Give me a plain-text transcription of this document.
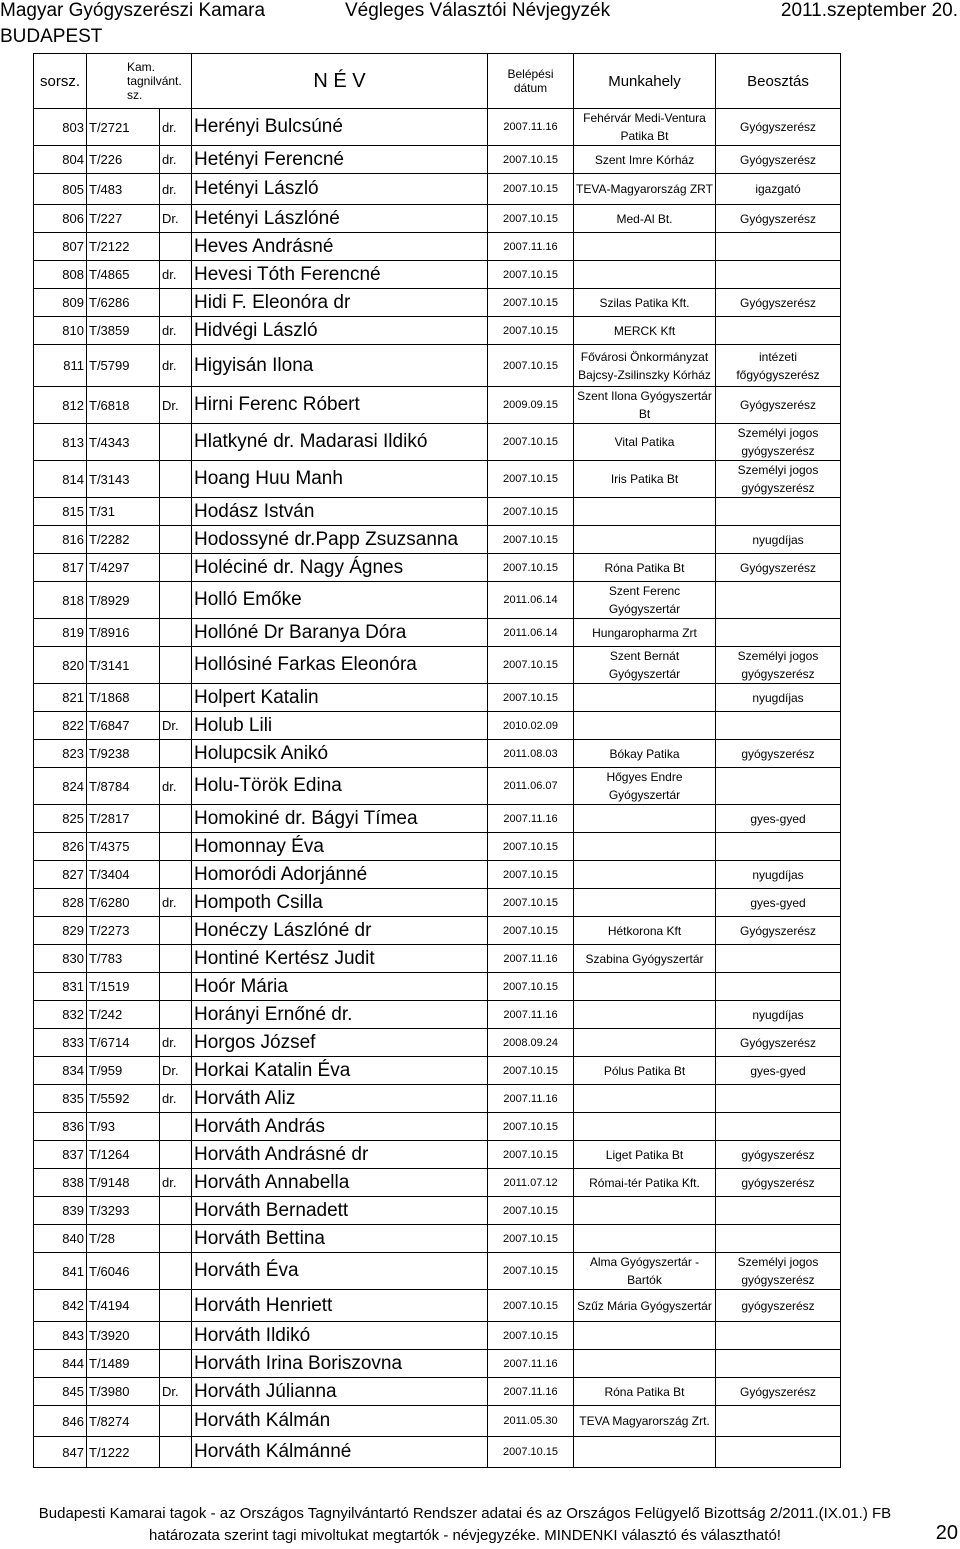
Magyar Gyógyszerészi Kamara
BUDAPEST
Végleges Választói Névjegyzék	2011.szeptember 20.
sorsz.	Kam. tagnilvánt. sz.		N É V	Belépési dátum	Munkahely	Beosztás
803	T/2721	dr.	Herényi Bulcsúné	2007.11.16	Fehérvár Medi-Ventura Patika Bt	Gyógyszerész
804	T/226	dr.	Hetényi Ferencné	2007.10.15	Szent Imre Kórház	Gyógyszerész
805	T/483	dr.	Hetényi László	2007.10.15	TEVA-Magyarország ZRT	igazgató
806	T/227	Dr.	Hetényi Lászlóné	2007.10.15	Med-Al Bt.	Gyógyszerész
807	T/2122		Heves Andrásné	2007.11.16		
808	T/4865	dr.	Hevesi Tóth Ferencné	2007.10.15		
809	T/6286		Hidi F. Eleonóra dr	2007.10.15	Szilas Patika Kft.	Gyógyszerész
810	T/3859	dr.	Hidvégi László	2007.10.15	MERCK Kft	
811	T/5799	dr.	Higyisán Ilona	2007.10.15	Fővárosi Önkormányzat Bajcsy-Zsilinszky Kórház	intézeti főgyógyszerész
812	T/6818	Dr.	Hirni Ferenc Róbert	2009.09.15	Szent Ilona Gyógyszertár Bt	Gyógyszerész
813	T/4343		Hlatkyné dr. Madarasi Ildikó	2007.10.15	Vital Patika	Személyi jogos gyógyszerész
814	T/3143		Hoang Huu Manh	2007.10.15	Iris Patika Bt	Személyi jogos gyógyszerész
815	T/31		Hodász István	2007.10.15		
816	T/2282		Hodossyné dr.Papp Zsuzsanna	2007.10.15		nyugdíjas
817	T/4297		Holéciné dr. Nagy Ágnes	2007.10.15	Róna Patika Bt	Gyógyszerész
818	T/8929		Holló Emőke	2011.06.14	Szent Ferenc Gyógyszertár	
819	T/8916		Hollóné Dr Baranya Dóra	2011.06.14	Hungaropharma Zrt	
820	T/3141		Hollósiné Farkas Eleonóra	2007.10.15	Szent Bernát Gyógyszertár	Személyi jogos gyógyszerész
821	T/1868		Holpert Katalin	2007.10.15		nyugdíjas
822	T/6847	Dr.	Holub Lili	2010.02.09		
823	T/9238		Holupcsik Anikó	2011.08.03	Bókay Patika	gyógyszerész
824	T/8784	dr.	Holu-Török Edina	2011.06.07	Hőgyes Endre Gyógyszertár	
825	T/2817		Homokiné dr. Bágyi Tímea	2007.11.16		gyes-gyed
826	T/4375		Homonnay Éva	2007.10.15		
827	T/3404		Homoródi Adorjánné	2007.10.15		nyugdíjas
828	T/6280	dr.	Hompoth Csilla	2007.10.15		gyes-gyed
829	T/2273		Honéczy Lászlóné dr	2007.10.15	Hétkorona Kft	Gyógyszerész
830	T/783		Hontiné Kertész Judit	2007.11.16	Szabina Gyógyszertár	
831	T/1519		Hoór Mária	2007.10.15		
832	T/242		Horányi Ernőné dr.	2007.11.16		nyugdíjas
833	T/6714	dr.	Horgos József	2008.09.24		Gyógyszerész
834	T/959	Dr.	Horkai Katalin Éva	2007.10.15	Pólus Patika Bt	gyes-gyed
835	T/5592	dr.	Horváth Aliz	2007.11.16		
836	T/93		Horváth András	2007.10.15		
837	T/1264		Horváth Andrásné dr	2007.10.15	Liget Patika Bt	gyógyszerész
838	T/9148	dr.	Horváth Annabella	2011.07.12	Római-tér Patika Kft.	gyógyszerész
839	T/3293		Horváth Bernadett	2007.10.15		
840	T/28		Horváth Bettina	2007.10.15		
841	T/6046		Horváth Éva	2007.10.15	Alma Gyógyszertár - Bartók	Személyi jogos gyógyszerész
842	T/4194		Horváth Henriett	2007.10.15	Szűz Mária Gyógyszertár	gyógyszerész
843	T/3920		Horváth Ildikó	2007.10.15		
844	T/1489		Horváth Irina Boriszovna	2007.11.16		
845	T/3980	Dr.	Horváth Júlianna	2007.11.16	Róna Patika Bt	Gyógyszerész
846	T/8274		Horváth Kálmán	2011.05.30	TEVA Magyarország Zrt.	
847	T/1222		Horváth Kálmánné	2007.10.15		
Budapesti Kamarai tagok - az Országos Tagnyilvántartó Rendszer adatai és az Országos Felügyelő Bizottság 2/2011.(IX.01.) FB
határozata szerint tagi mivoltukat megtartók - névjegyzéke. MINDENKI választó és választható!	20
